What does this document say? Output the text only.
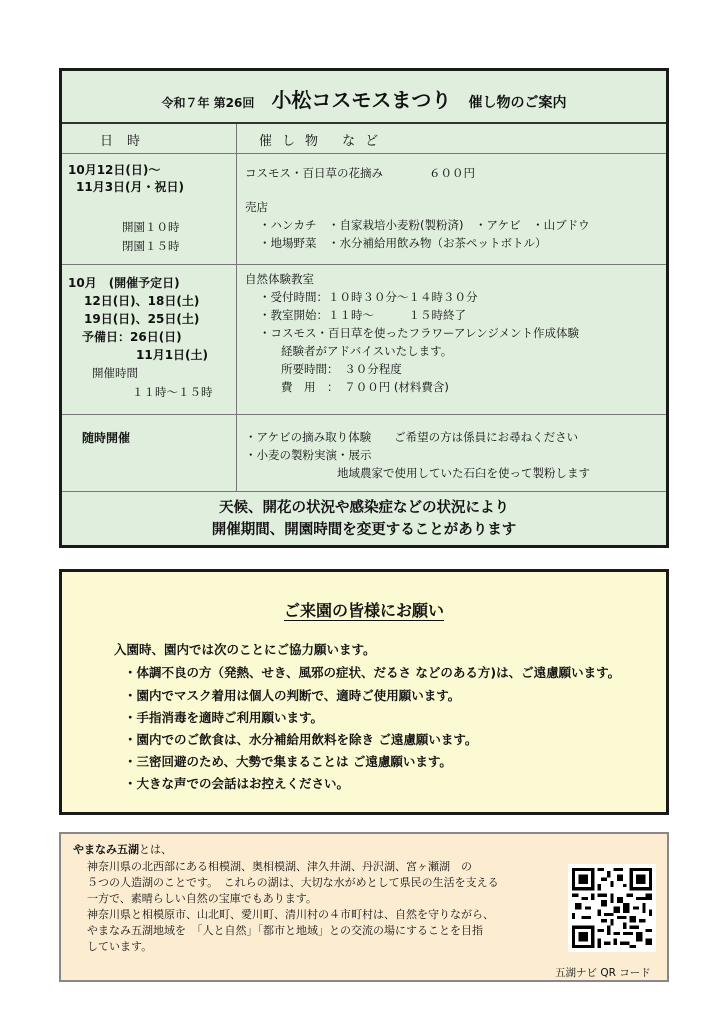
令和７年 第26回 小松コスモスまつり 催し物のご案内
日時	催し物 など
10月12日(日)～
11月3日(月・祝日)
開園１０時
閉園１５時
コスモス・百日草の花摘み　　　　６００円
売店
・ハンカチ　・自家栽培小麦粉(製粉済)　・アケビ　・山ブドウ
・地場野菜　・水分補給用飲み物（お茶ペットボトル）
10月　(開催予定日)
12日(日)、18日(土)
19日(日)、25日(土)
予備日：26日(日)
11月1日(土)
開催時間
１１時～１５時
自然体験教室
・受付時間：１０時３０分～１４時３０分
・教室開始：１１時～　　　１５時終了
・コスモス・百日草を使ったフラワーアレンジメント作成体験
経験者がアドバイスいたします。
所要時間：　３０分程度
費　用　：　７００円 (材料費含)
随時開催	・アケビの摘み取り体験　　ご希望の方は係員にお尋ねください
・小麦の製粉実演・展示
地域農家で使用していた石臼を使って製粉します
天候、開花の状況や感染症などの状況により
開催期間、開園時間を変更することがあります
ご来園の皆様にお願い
入園時、園内では次のことにご協力願います。
・体調不良の方（発熱、せき、風邪の症状、だるさ などのある方)は、ご遠慮願います。
・園内でマスク着用は個人の判断で、適時ご使用願います。
・手指消毒を適時ご利用願います。
・園内でのご飲食は、水分補給用飲料を除き ご遠慮願います。
・三密回避のため、大勢で集まることは ご遠慮願います。
・大きな声での会話はお控えください。
やまなみ五湖とは、
神奈川県の北西部にある相模湖、奥相模湖、津久井湖、丹沢湖、宮ヶ瀬湖　の
５つの人造湖のことです。　これらの湖は、大切な水がめとして県民の生活を支える
一方で、素晴らしい自然の宝庫でもあります。
神奈川県と相模原市、山北町、愛川町、清川村の４市町村は、自然を守りながら、
やまなみ五湖地域を　「人と自然」「都市と地域」との交流の場にすることを目指
しています。
五湖ナビ QR コード
